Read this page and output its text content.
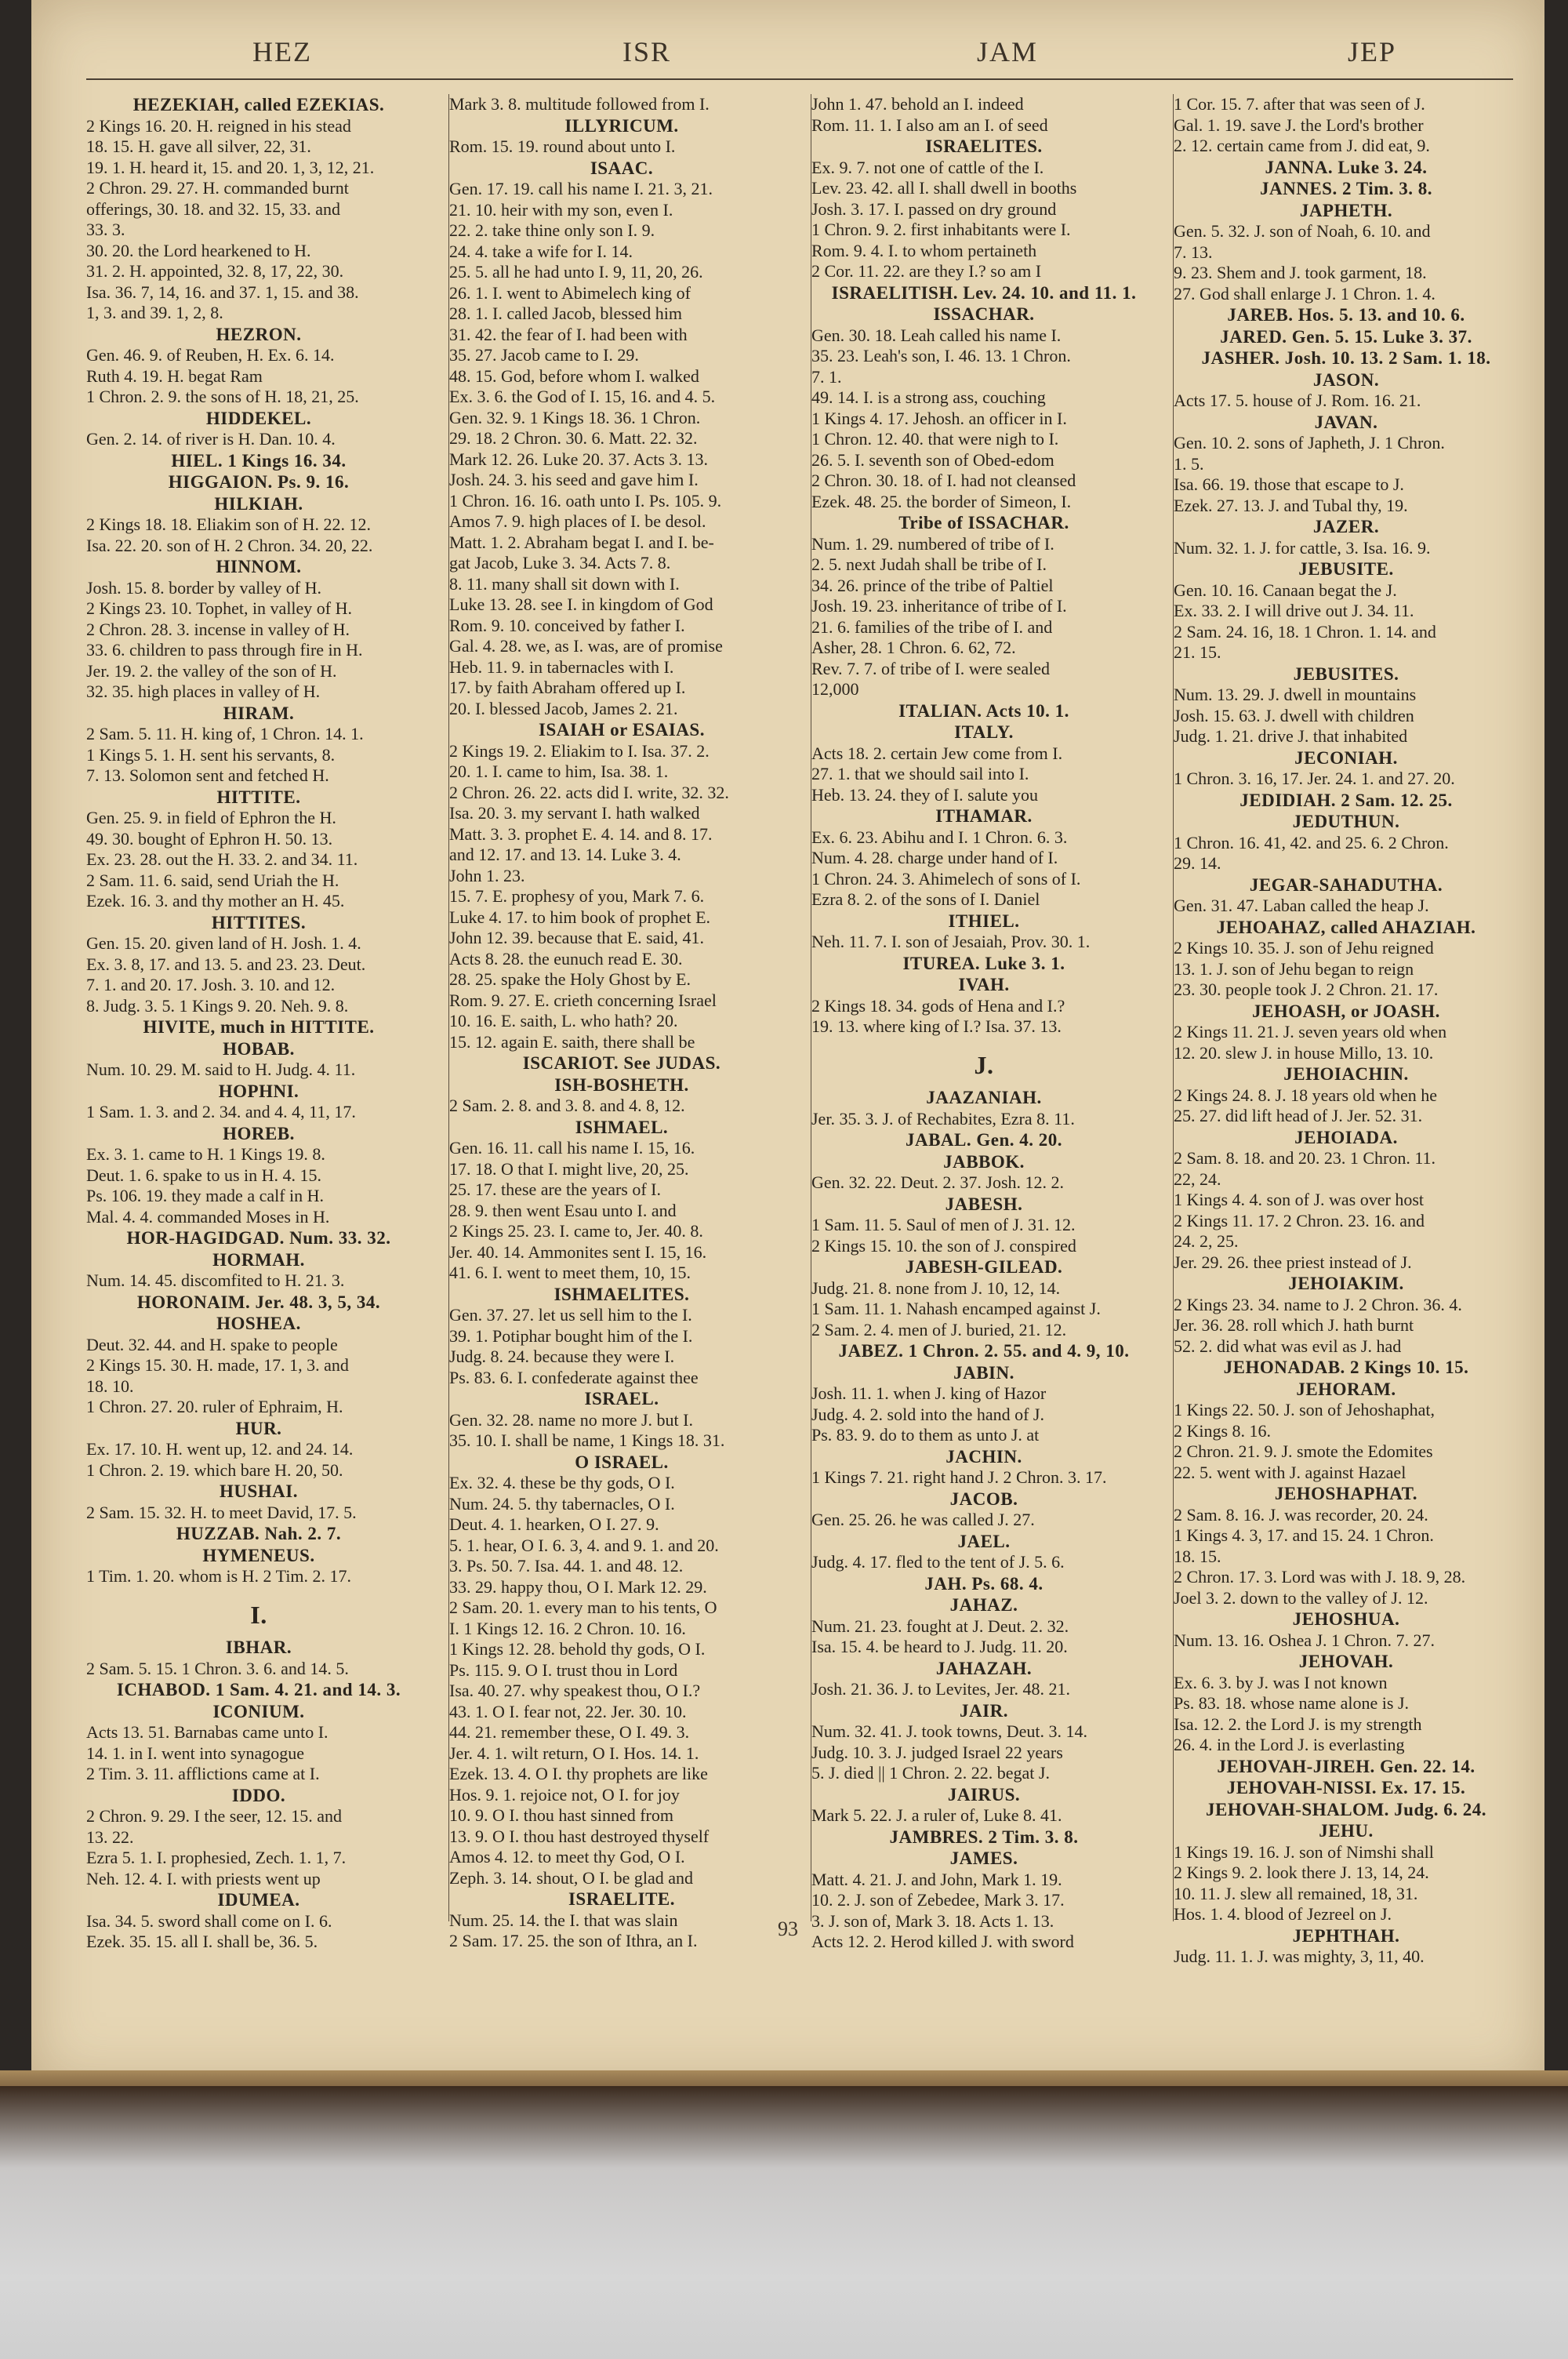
HEZ	ISR	JAM	JEP
HEZEKIAH, called EZEKIAS.
2 Kings 16. 20. H. reigned in his stead
18. 15. H. gave all silver, 22, 31.
19. 1. H. heard it, 15. and 20. 1, 3, 12, 21.
2 Chron. 29. 27. H. commanded burnt
offerings, 30. 18. and 32. 15, 33. and
33. 3.
30. 20. the Lord hearkened to H.
31. 2. H. appointed, 32. 8, 17, 22, 30.
Isa. 36. 7, 14, 16. and 37. 1, 15. and 38.
1, 3. and 39. 1, 2, 8.
HEZRON.
Gen. 46. 9. of Reuben, H. Ex. 6. 14.
Ruth 4. 19. H. begat Ram
1 Chron. 2. 9. the sons of H. 18, 21, 25.
HIDDEKEL.
Gen. 2. 14. of river is H. Dan. 10. 4.
HIEL. 1 Kings 16. 34.
HIGGAION. Ps. 9. 16.
HILKIAH.
2 Kings 18. 18. Eliakim son of H. 22. 12.
Isa. 22. 20. son of H. 2 Chron. 34. 20, 22.
HINNOM.
Josh. 15. 8. border by valley of H.
2 Kings 23. 10. Tophet, in valley of H.
2 Chron. 28. 3. incense in valley of H.
33. 6. children to pass through fire in H.
Jer. 19. 2. the valley of the son of H.
32. 35. high places in valley of H.
HIRAM.
2 Sam. 5. 11. H. king of, 1 Chron. 14. 1.
1 Kings 5. 1. H. sent his servants, 8.
7. 13. Solomon sent and fetched H.
HITTITE.
Gen. 25. 9. in field of Ephron the H.
49. 30. bought of Ephron H. 50. 13.
Ex. 23. 28. out the H. 33. 2. and 34. 11.
2 Sam. 11. 6. said, send Uriah the H.
Ezek. 16. 3. and thy mother an H. 45.
HITTITES.
Gen. 15. 20. given land of H. Josh. 1. 4.
Ex. 3. 8, 17. and 13. 5. and 23. 23. Deut.
7. 1. and 20. 17. Josh. 3. 10. and 12.
8. Judg. 3. 5. 1 Kings 9. 20. Neh. 9. 8.
HIVITE, much in HITTITE.
HOBAB.
Num. 10. 29. M. said to H. Judg. 4. 11.
HOPHNI.
1 Sam. 1. 3. and 2. 34. and 4. 4, 11, 17.
HOREB.
Ex. 3. 1. came to H. 1 Kings 19. 8.
Deut. 1. 6. spake to us in H. 4. 15.
Ps. 106. 19. they made a calf in H.
Mal. 4. 4. commanded Moses in H.
HOR-HAGIDGAD. Num. 33. 32.
HORMAH.
Num. 14. 45. discomfited to H. 21. 3.
HORONAIM. Jer. 48. 3, 5, 34.
HOSHEA.
Deut. 32. 44. and H. spake to people
2 Kings 15. 30. H. made, 17. 1, 3. and
18. 10.
1 Chron. 27. 20. ruler of Ephraim, H.
HUR.
Ex. 17. 10. H. went up, 12. and 24. 14.
1 Chron. 2. 19. which bare H. 20, 50.
HUSHAI.
2 Sam. 15. 32. H. to meet David, 17. 5.
HUZZAB. Nah. 2. 7.
HYMENEUS.
1 Tim. 1. 20. whom is H. 2 Tim. 2. 17.
I.
IBHAR.
2 Sam. 5. 15. 1 Chron. 3. 6. and 14. 5.
ICHABOD. 1 Sam. 4. 21. and 14. 3.
ICONIUM.
Acts 13. 51. Barnabas came unto I.
14. 1. in I. went into synagogue
2 Tim. 3. 11. afflictions came at I.
IDDO.
2 Chron. 9. 29. I the seer, 12. 15. and
13. 22.
Ezra 5. 1. I. prophesied, Zech. 1. 1, 7.
Neh. 12. 4. I. with priests went up
IDUMEA.
Isa. 34. 5. sword shall come on I. 6.
Ezek. 35. 15. all I. shall be, 36. 5.
Mark 3. 8. multitude followed from I.
ILLYRICUM.
Rom. 15. 19. round about unto I.
ISAAC.
Gen. 17. 19. call his name I. 21. 3, 21.
21. 10. heir with my son, even I.
22. 2. take thine only son I. 9.
24. 4. take a wife for I. 14.
25. 5. all he had unto I. 9, 11, 20, 26.
26. 1. I. went to Abimelech king of
28. 1. I. called Jacob, blessed him
31. 42. the fear of I. had been with
35. 27. Jacob came to I. 29.
48. 15. God, before whom I. walked
Ex. 3. 6. the God of I. 15, 16. and 4. 5.
Gen. 32. 9. 1 Kings 18. 36. 1 Chron.
29. 18. 2 Chron. 30. 6. Matt. 22. 32.
Mark 12. 26. Luke 20. 37. Acts 3. 13.
Josh. 24. 3. his seed and gave him I.
1 Chron. 16. 16. oath unto I. Ps. 105. 9.
Amos 7. 9. high places of I. be desol.
Matt. 1. 2. Abraham begat I. and I. be-
gat Jacob, Luke 3. 34. Acts 7. 8.
8. 11. many shall sit down with I.
Luke 13. 28. see I. in kingdom of God
Rom. 9. 10. conceived by father I.
Gal. 4. 28. we, as I. was, are of promise
Heb. 11. 9. in tabernacles with I.
17. by faith Abraham offered up I.
20. I. blessed Jacob, James 2. 21.
ISAIAH or ESAIAS.
2 Kings 19. 2. Eliakim to I. Isa. 37. 2.
20. 1. I. came to him, Isa. 38. 1.
2 Chron. 26. 22. acts did I. write, 32. 32.
Isa. 20. 3. my servant I. hath walked
Matt. 3. 3. prophet E. 4. 14. and 8. 17.
and 12. 17. and 13. 14. Luke 3. 4.
John 1. 23.
15. 7. E. prophesy of you, Mark 7. 6.
Luke 4. 17. to him book of prophet E.
John 12. 39. because that E. said, 41.
Acts 8. 28. the eunuch read E. 30.
28. 25. spake the Holy Ghost by E.
Rom. 9. 27. E. crieth concerning Israel
10. 16. E. saith, L. who hath? 20.
15. 12. again E. saith, there shall be
ISCARIOT. See JUDAS.
ISH-BOSHETH.
2 Sam. 2. 8. and 3. 8. and 4. 8, 12.
ISHMAEL.
Gen. 16. 11. call his name I. 15, 16.
17. 18. O that I. might live, 20, 25.
25. 17. these are the years of I.
28. 9. then went Esau unto I. and
2 Kings 25. 23. I. came to, Jer. 40. 8.
Jer. 40. 14. Ammonites sent I. 15, 16.
41. 6. I. went to meet them, 10, 15.
ISHMAELITES.
Gen. 37. 27. let us sell him to the I.
39. 1. Potiphar bought him of the I.
Judg. 8. 24. because they were I.
Ps. 83. 6. I. confederate against thee
ISRAEL.
Gen. 32. 28. name no more J. but I.
35. 10. I. shall be name, 1 Kings 18. 31.
O ISRAEL.
Ex. 32. 4. these be thy gods, O I.
Num. 24. 5. thy tabernacles, O I.
Deut. 4. 1. hearken, O I. 27. 9.
5. 1. hear, O I. 6. 3, 4. and 9. 1. and 20.
3. Ps. 50. 7. Isa. 44. 1. and 48. 12.
33. 29. happy thou, O I. Mark 12. 29.
2 Sam. 20. 1. every man to his tents, O
I. 1 Kings 12. 16. 2 Chron. 10. 16.
1 Kings 12. 28. behold thy gods, O I.
Ps. 115. 9. O I. trust thou in Lord
Isa. 40. 27. why speakest thou, O I.?
43. 1. O I. fear not, 22. Jer. 30. 10.
44. 21. remember these, O I. 49. 3.
Jer. 4. 1. wilt return, O I. Hos. 14. 1.
Ezek. 13. 4. O I. thy prophets are like
Hos. 9. 1. rejoice not, O I. for joy
10. 9. O I. thou hast sinned from
13. 9. O I. thou hast destroyed thyself
Amos 4. 12. to meet thy God, O I.
Zeph. 3. 14. shout, O I. be glad and
ISRAELITE.
Num. 25. 14. the I. that was slain
2 Sam. 17. 25. the son of Ithra, an I.
John 1. 47. behold an I. indeed
Rom. 11. 1. I also am an I. of seed
ISRAELITES.
Ex. 9. 7. not one of cattle of the I.
Lev. 23. 42. all I. shall dwell in booths
Josh. 3. 17. I. passed on dry ground
1 Chron. 9. 2. first inhabitants were I.
Rom. 9. 4. I. to whom pertaineth
2 Cor. 11. 22. are they I.? so am I
ISRAELITISH. Lev. 24. 10. and 11. 1.
ISSACHAR.
Gen. 30. 18. Leah called his name I.
35. 23. Leah's son, I. 46. 13. 1 Chron.
7. 1.
49. 14. I. is a strong ass, couching
1 Kings 4. 17. Jehosh. an officer in I.
1 Chron. 12. 40. that were nigh to I.
26. 5. I. seventh son of Obed-edom
2 Chron. 30. 18. of I. had not cleansed
Ezek. 48. 25. the border of Simeon, I.
Tribe of ISSACHAR.
Num. 1. 29. numbered of tribe of I.
2. 5. next Judah shall be tribe of I.
34. 26. prince of the tribe of Paltiel
Josh. 19. 23. inheritance of tribe of I.
21. 6. families of the tribe of I. and
Asher, 28. 1 Chron. 6. 62, 72.
Rev. 7. 7. of tribe of I. were sealed
12,000
ITALIAN. Acts 10. 1.
ITALY.
Acts 18. 2. certain Jew come from I.
27. 1. that we should sail into I.
Heb. 13. 24. they of I. salute you
ITHAMAR.
Ex. 6. 23. Abihu and I. 1 Chron. 6. 3.
Num. 4. 28. charge under hand of I.
1 Chron. 24. 3. Ahimelech of sons of I.
Ezra 8. 2. of the sons of I. Daniel
ITHIEL.
Neh. 11. 7. I. son of Jesaiah, Prov. 30. 1.
ITUREA. Luke 3. 1.
IVAH.
2 Kings 18. 34. gods of Hena and I.?
19. 13. where king of I.? Isa. 37. 13.
J.
JAAZANIAH.
Jer. 35. 3. J. of Rechabites, Ezra 8. 11.
JABAL. Gen. 4. 20.
JABBOK.
Gen. 32. 22. Deut. 2. 37. Josh. 12. 2.
JABESH.
1 Sam. 11. 5. Saul of men of J. 31. 12.
2 Kings 15. 10. the son of J. conspired
JABESH-GILEAD.
Judg. 21. 8. none from J. 10, 12, 14.
1 Sam. 11. 1. Nahash encamped against J.
2 Sam. 2. 4. men of J. buried, 21. 12.
JABEZ. 1 Chron. 2. 55. and 4. 9, 10.
JABIN.
Josh. 11. 1. when J. king of Hazor
Judg. 4. 2. sold into the hand of J.
Ps. 83. 9. do to them as unto J. at
JACHIN.
1 Kings 7. 21. right hand J. 2 Chron. 3. 17.
JACOB.
Gen. 25. 26. he was called J. 27.
JAEL.
Judg. 4. 17. fled to the tent of J. 5. 6.
JAH. Ps. 68. 4.
JAHAZ.
Num. 21. 23. fought at J. Deut. 2. 32.
Isa. 15. 4. be heard to J. Judg. 11. 20.
JAHAZAH.
Josh. 21. 36. J. to Levites, Jer. 48. 21.
JAIR.
Num. 32. 41. J. took towns, Deut. 3. 14.
Judg. 10. 3. J. judged Israel 22 years
5. J. died || 1 Chron. 2. 22. begat J.
JAIRUS.
Mark 5. 22. J. a ruler of, Luke 8. 41.
JAMBRES. 2 Tim. 3. 8.
JAMES.
Matt. 4. 21. J. and John, Mark 1. 19.
10. 2. J. son of Zebedee, Mark 3. 17.
3. J. son of, Mark 3. 18. Acts 1. 13.
Acts 12. 2. Herod killed J. with sword
1 Cor. 15. 7. after that was seen of J.
Gal. 1. 19. save J. the Lord's brother
2. 12. certain came from J. did eat, 9.
JANNA. Luke 3. 24.
JANNES. 2 Tim. 3. 8.
JAPHETH.
Gen. 5. 32. J. son of Noah, 6. 10. and
7. 13.
9. 23. Shem and J. took garment, 18.
27. God shall enlarge J. 1 Chron. 1. 4.
JAREB. Hos. 5. 13. and 10. 6.
JARED. Gen. 5. 15. Luke 3. 37.
JASHER. Josh. 10. 13. 2 Sam. 1. 18.
JASON.
Acts 17. 5. house of J. Rom. 16. 21.
JAVAN.
Gen. 10. 2. sons of Japheth, J. 1 Chron.
1. 5.
Isa. 66. 19. those that escape to J.
Ezek. 27. 13. J. and Tubal thy, 19.
JAZER.
Num. 32. 1. J. for cattle, 3. Isa. 16. 9.
JEBUSITE.
Gen. 10. 16. Canaan begat the J.
Ex. 33. 2. I will drive out J. 34. 11.
2 Sam. 24. 16, 18. 1 Chron. 1. 14. and
21. 15.
JEBUSITES.
Num. 13. 29. J. dwell in mountains
Josh. 15. 63. J. dwell with children
Judg. 1. 21. drive J. that inhabited
JECONIAH.
1 Chron. 3. 16, 17. Jer. 24. 1. and 27. 20.
JEDIDIAH. 2 Sam. 12. 25.
JEDUTHUN.
1 Chron. 16. 41, 42. and 25. 6. 2 Chron.
29. 14.
JEGAR-SAHADUTHA.
Gen. 31. 47. Laban called the heap J.
JEHOAHAZ, called AHAZIAH.
2 Kings 10. 35. J. son of Jehu reigned
13. 1. J. son of Jehu began to reign
23. 30. people took J. 2 Chron. 21. 17.
JEHOASH, or JOASH.
2 Kings 11. 21. J. seven years old when
12. 20. slew J. in house Millo, 13. 10.
JEHOIACHIN.
2 Kings 24. 8. J. 18 years old when he
25. 27. did lift head of J. Jer. 52. 31.
JEHOIADA.
2 Sam. 8. 18. and 20. 23. 1 Chron. 11.
22, 24.
1 Kings 4. 4. son of J. was over host
2 Kings 11. 17. 2 Chron. 23. 16. and
24. 2, 25.
Jer. 29. 26. thee priest instead of J.
JEHOIAKIM.
2 Kings 23. 34. name to J. 2 Chron. 36. 4.
Jer. 36. 28. roll which J. hath burnt
52. 2. did what was evil as J. had
JEHONADAB. 2 Kings 10. 15.
JEHORAM.
1 Kings 22. 50. J. son of Jehoshaphat,
2 Kings 8. 16.
2 Chron. 21. 9. J. smote the Edomites
22. 5. went with J. against Hazael
JEHOSHAPHAT.
2 Sam. 8. 16. J. was recorder, 20. 24.
1 Kings 4. 3, 17. and 15. 24. 1 Chron.
18. 15.
2 Chron. 17. 3. Lord was with J. 18. 9, 28.
Joel 3. 2. down to the valley of J. 12.
JEHOSHUA.
Num. 13. 16. Oshea J. 1 Chron. 7. 27.
JEHOVAH.
Ex. 6. 3. by J. was I not known
Ps. 83. 18. whose name alone is J.
Isa. 12. 2. the Lord J. is my strength
26. 4. in the Lord J. is everlasting
JEHOVAH-JIREH. Gen. 22. 14.
JEHOVAH-NISSI. Ex. 17. 15.
JEHOVAH-SHALOM. Judg. 6. 24.
JEHU.
1 Kings 19. 16. J. son of Nimshi shall
2 Kings 9. 2. look there J. 13, 14, 24.
10. 11. J. slew all remained, 18, 31.
Hos. 1. 4. blood of Jezreel on J.
JEPHTHAH.
Judg. 11. 1. J. was mighty, 3, 11, 40.
93
